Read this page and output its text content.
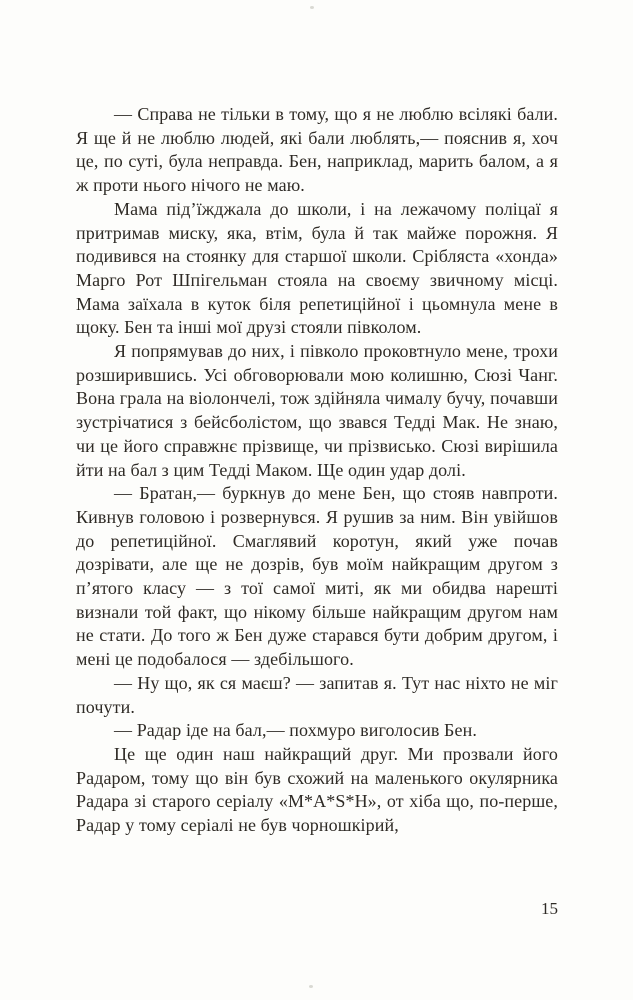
— Справа не тільки в тому, що я не люблю всілякі бали. Я ще й не люблю людей, які бали люблять,— пояснив я, хоч це, по суті, була неправда. Бен, наприклад, марить балом, а я ж проти нього нічого не маю.

Мама під’їжджала до школи, і на лежачому поліцаї я притримав миску, яка, втім, була й так майже порожня. Я подивився на стоянку для старшої школи. Срібляста «хонда» Марго Рот Шпігельман стояла на своєму звичному місці. Мама заїхала в куток біля репетиційної і цьомнула мене в щоку. Бен та інші мої друзі стояли півколом.

Я попрямував до них, і півколо проковтнуло мене, трохи розширившись. Усі обговорювали мою колишню, Сюзі Чанг. Вона грала на віолончелі, тож здійняла чималу бучу, почавши зустрічатися з бейсболістом, що звався Тедді Мак. Не знаю, чи це його справжнє прізвище, чи прізвисько. Сюзі вирішила йти на бал з цим Тедді Маком. Ще один удар долі.

— Братан,— буркнув до мене Бен, що стояв навпроти. Кивнув головою і розвернувся. Я рушив за ним. Він увійшов до репетиційної. Смаглявий коротун, який уже почав дозрівати, але ще не дозрів, був моїм найкращим другом з п’ятого класу — з тої самої миті, як ми обидва нарешті визнали той факт, що нікому більше найкращим другом нам не стати. До того ж Бен дуже старався бути добрим другом, і мені це подобалося — здебільшого.

— Ну що, як ся маєш? — запитав я. Тут нас ніхто не міг почути.

— Радар іде на бал,— похмуро виголосив Бен.

Це ще один наш найкращий друг. Ми прозвали його Радаром, тому що він був схожий на маленького окулярника Радара зі старого серіалу «M*A*S*H», от хіба що, по-перше, Радар у тому серіалі не був чорношкірий,

15
